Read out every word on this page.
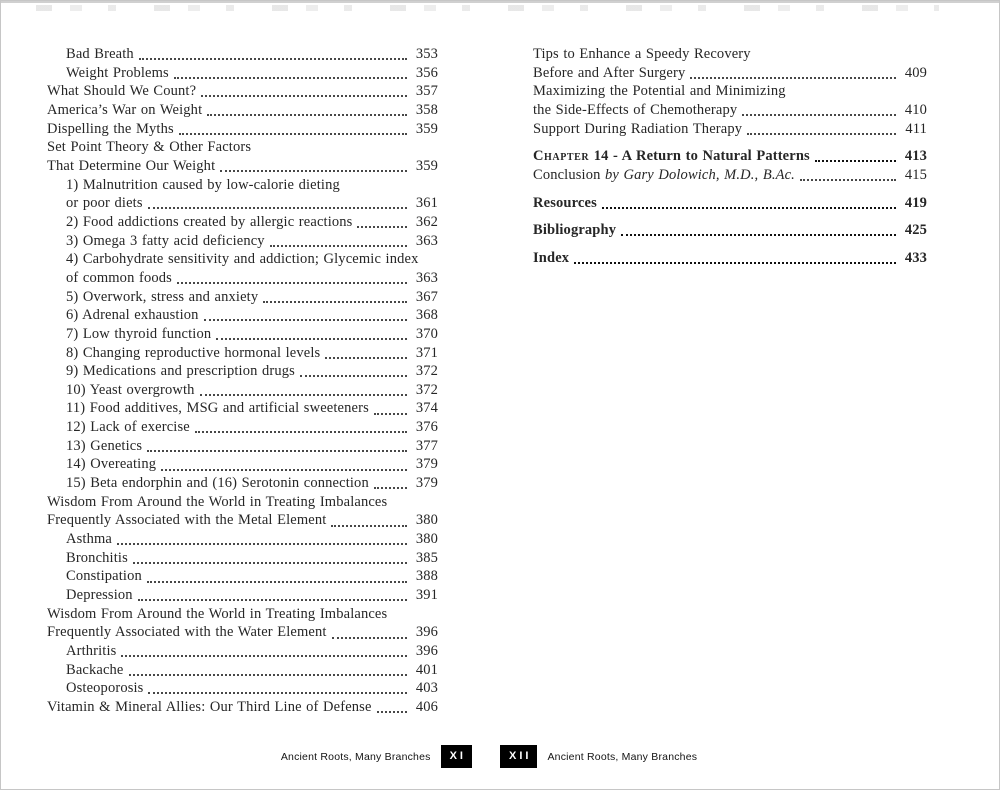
Bad Breath	353
Weight Problems	356
What Should We Count?	357
America’s War on Weight	358
Dispelling the Myths	359
Set Point Theory & Other Factors
That Determine Our Weight	359
1) Malnutrition caused by low-calorie dieting
or poor diets	361
2) Food addictions created by allergic reactions	362
3) Omega 3 fatty acid deficiency	363
4) Carbohydrate sensitivity and addiction; Glycemic index
of common foods	363
5) Overwork, stress and anxiety	367
6) Adrenal exhaustion	368
7) Low thyroid function	370
8) Changing reproductive hormonal levels	371
9) Medications and prescription drugs	372
10) Yeast overgrowth	372
11) Food additives, MSG and artificial sweeteners	374
12) Lack of exercise	376
13) Genetics	377
14) Overeating	379
15) Beta endorphin and (16) Serotonin connection	379
Wisdom From Around the World in Treating Imbalances
Frequently Associated with the Metal Element	380
Asthma	380
Bronchitis	385
Constipation	388
Depression	391
Wisdom From Around the World in Treating Imbalances
Frequently Associated with the Water Element	396
Arthritis	396
Backache	401
Osteoporosis	403
Vitamin & Mineral Allies: Our Third Line of Defense	406
Tips to Enhance a Speedy Recovery
Before and After Surgery	409
Maximizing the Potential and Minimizing
the Side-Effects of Chemotherapy	410
Support During Radiation Therapy	411
Chapter 14 - A Return to Natural Patterns	413
Conclusion by Gary Dolowich, M.D., B.Ac.	415
Resources	419
Bibliography	425
Index	433
Ancient Roots, Many Branches	XI	XII	Ancient Roots, Many Branches
